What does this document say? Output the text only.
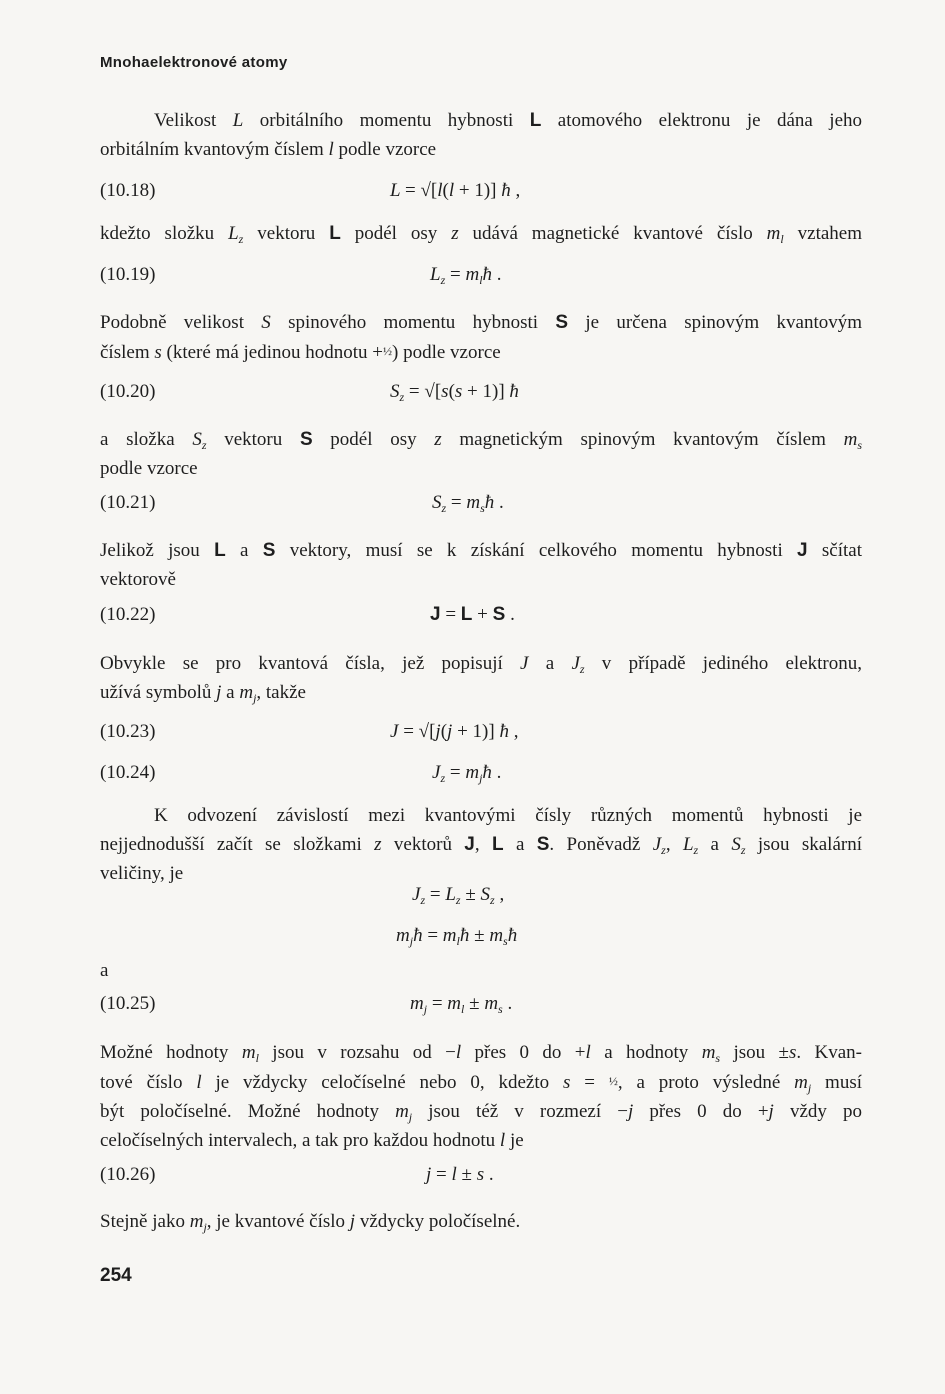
Mnohaelektronové atomy

Velikost L orbitálního momentu hybnosti L atomového elektronu je dána jeho
orbitálním kvantovým číslem l podle vzorce

(10.18)	L = √[l(l + 1)] ħ ,

kdežto složku $L_z$ vektoru L podél osy z udává magnetické kvantové číslo $m_l$ vztahem

(10.19)	$L_z$ = $m_lħ$ .

Podobně velikost S spinového momentu hybnosti S je určena spinovým kvantovým
číslem s (které má jedinou hodnotu +½) podle vzorce

(10.20)	$S_z = √[s(s + 1)]$ ħ

a složka $S_z$ vektoru S podél osy z magnetickým spinovým kvantovým číslem $m_s$
podle vzorce

(10.21)	$S_z$ = $m_sħ$ .

Jelikož jsou L a S vektory, musí se k získání celkového momentu hybnosti J sčítat
vektorově

(10.22)	J = L + S .

Obvykle se pro kvantová čísla, jež popisují J a $J_z$ v případě jediného elektronu,
užívá symbolů j a $m_j$, takže

(10.23)	J = √[j(j + 1)] ħ ,
(10.24)	$J_z$ = $m_jħ$ .

K odvození závislostí mezi kvantovými čísly různých momentů hybnosti je
nejjednodušší začít se složkami z vektorů J, L a S. Poněvadž $J_z$, $L_z$ a $S_z$ jsou skalární
veličiny, je

$J_z = L_z \pm S_z$ ,
$m_jħ$ = $m_lħ$ ± $m_sħ$
a
(10.25)	$m_j = m_l \pm m_s$ .

Možné hodnoty $m_l$ jsou v rozsahu od −l přes 0 do +l a hodnoty $m_s$ jsou ±s. Kvan-
tové číslo l je vždycky celočíselné nebo 0, kdežto s = ½, a proto výsledné $m_j$ musí
být poločíselné. Možné hodnoty $m_j$ jsou též v rozmezí −j přes 0 do +j vždy po
celočíselných intervalech, a tak pro každou hodnotu l je

(10.26)	j = l ± s .

Stejně jako $m_j$, je kvantové číslo j vždycky poločíselné.

254
